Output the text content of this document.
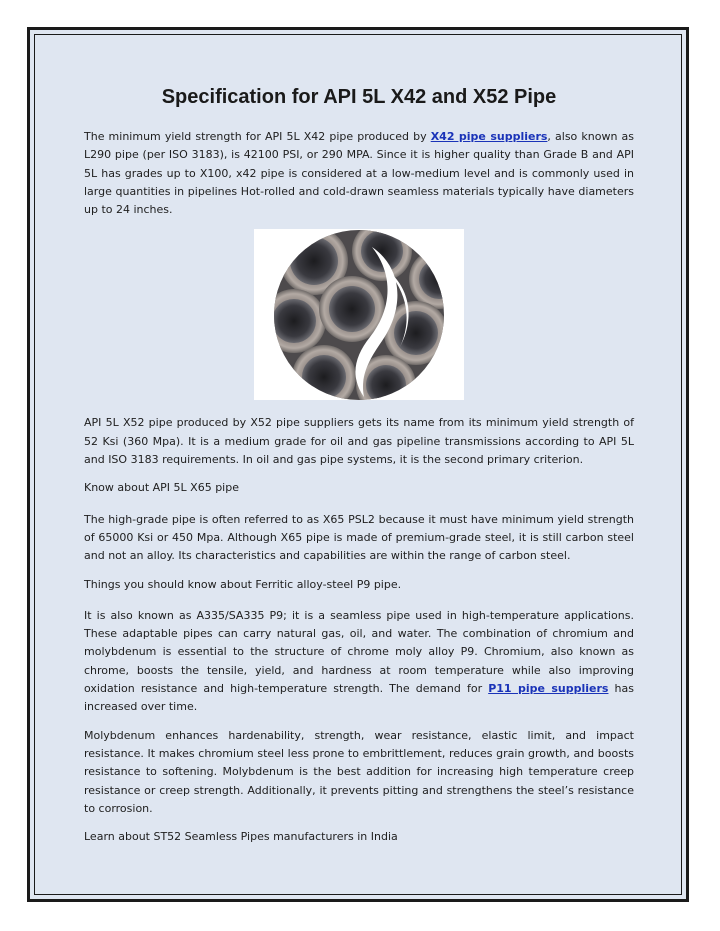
Specification for API 5L X42 and X52 Pipe

The minimum yield strength for API 5L X42 pipe produced by X42 pipe suppliers, also known as L290 pipe (per ISO 3183), is 42100 PSI, or 290 MPA. Since it is higher quality than Grade B and API 5L has grades up to X100, x42 pipe is considered at a low-medium level and is commonly used in large quantities in pipelines Hot-rolled and cold-drawn seamless materials typically have diameters up to 24 inches.

API 5L X52 pipe produced by X52 pipe suppliers gets its name from its minimum yield strength of 52 Ksi (360 Mpa). It is a medium grade for oil and gas pipeline transmissions according to API 5L and ISO 3183 requirements. In oil and gas pipe systems, it is the second primary criterion.

Know about API 5L X65 pipe

The high-grade pipe is often referred to as X65 PSL2 because it must have minimum yield strength of 65000 Ksi or 450 Mpa. Although X65 pipe is made of premium-grade steel, it is still carbon steel and not an alloy. Its characteristics and capabilities are within the range of carbon steel.

Things you should know about Ferritic alloy-steel P9 pipe.

It is also known as A335/SA335 P9; it is a seamless pipe used in high-temperature applications. These adaptable pipes can carry natural gas, oil, and water. The combination of chromium and molybdenum is essential to the structure of chrome moly alloy P9. Chromium, also known as chrome, boosts the tensile, yield, and hardness at room temperature while also improving oxidation resistance and high-temperature strength. The demand for P11 pipe suppliers has increased over time.

Molybdenum enhances hardenability, strength, wear resistance, elastic limit, and impact resistance. It makes chromium steel less prone to embrittlement, reduces grain growth, and boosts resistance to softening. Molybdenum is the best addition for increasing high temperature creep resistance or creep strength. Additionally, it prevents pitting and strengthens the steel’s resistance to corrosion.

Learn about ST52 Seamless Pipes manufacturers in India
